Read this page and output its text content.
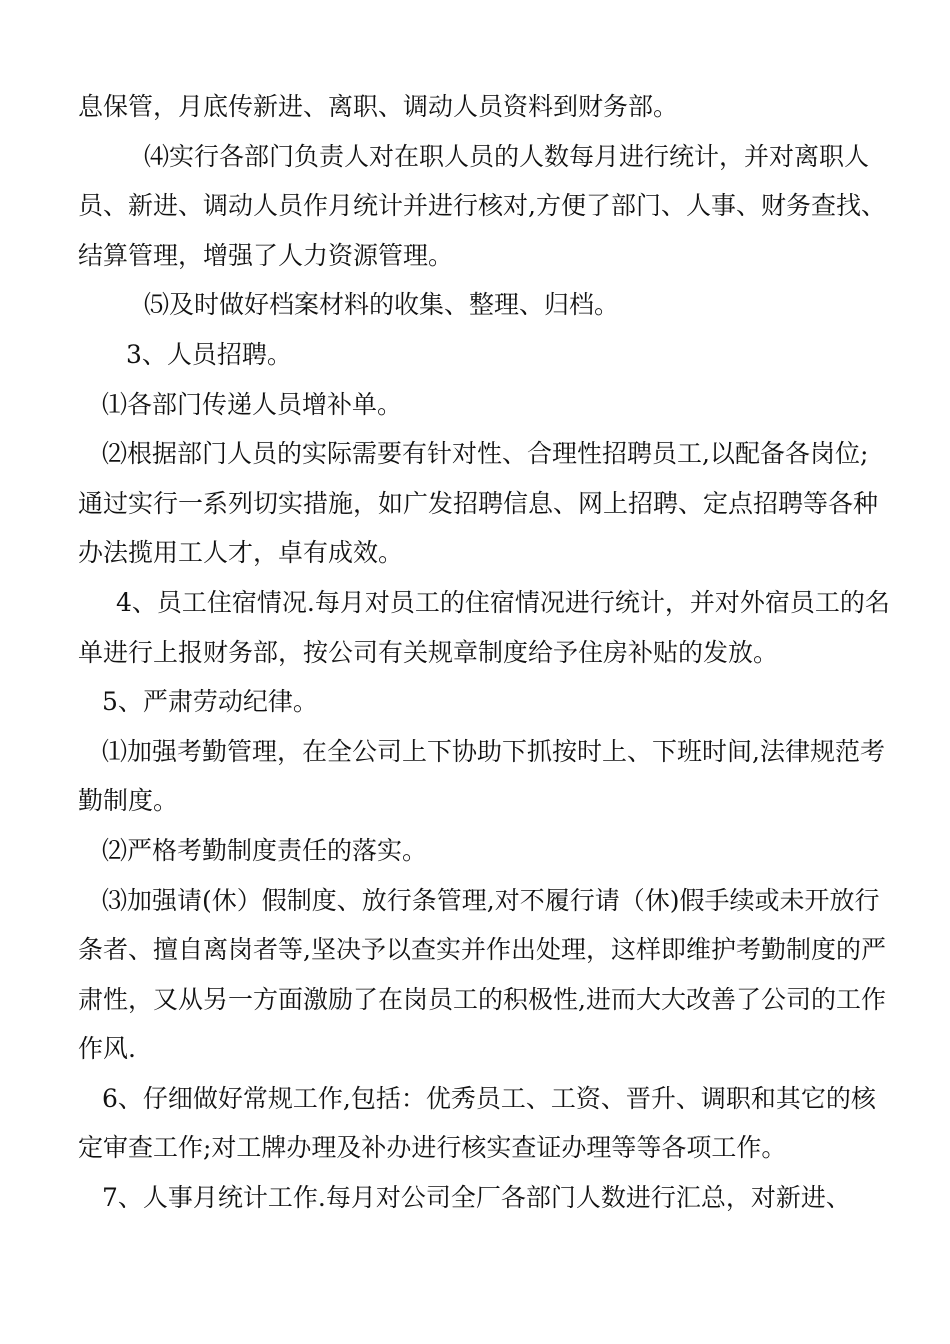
息保管，月底传新进、离职、调动人员资料到财务部。

⑷实行各部门负责人对在职人员的人数每月进行统计，并对离职人员、新进、调动人员作月统计并进行核对,方便了部门、人事、财务查找、结算管理，增强了人力资源管理。

⑸及时做好档案材料的收集、整理、归档。

3、人员招聘。

⑴各部门传递人员增补单。

⑵根据部门人员的实际需要有针对性、合理性招聘员工,以配备各岗位;通过实行一系列切实措施，如广发招聘信息、网上招聘、定点招聘等各种办法揽用工人才，卓有成效。

4、员工住宿情况.每月对员工的住宿情况进行统计，并对外宿员工的名单进行上报财务部，按公司有关规章制度给予住房补贴的发放。

5、严肃劳动纪律。

⑴加强考勤管理，在全公司上下协助下抓按时上、下班时间,法律规范考勤制度。

⑵严格考勤制度责任的落实。

⑶加强请(休）假制度、放行条管理,对不履行请（休)假手续或未开放行条者、擅自离岗者等,坚决予以查实并作出处理，这样即维护考勤制度的严肃性，又从另一方面激励了在岗员工的积极性,进而大大改善了公司的工作作风.

6、仔细做好常规工作,包括：优秀员工、工资、晋升、调职和其它的核定审查工作;对工牌办理及补办进行核实查证办理等等各项工作。

7、人事月统计工作.每月对公司全厂各部门人数进行汇总，对新进、
